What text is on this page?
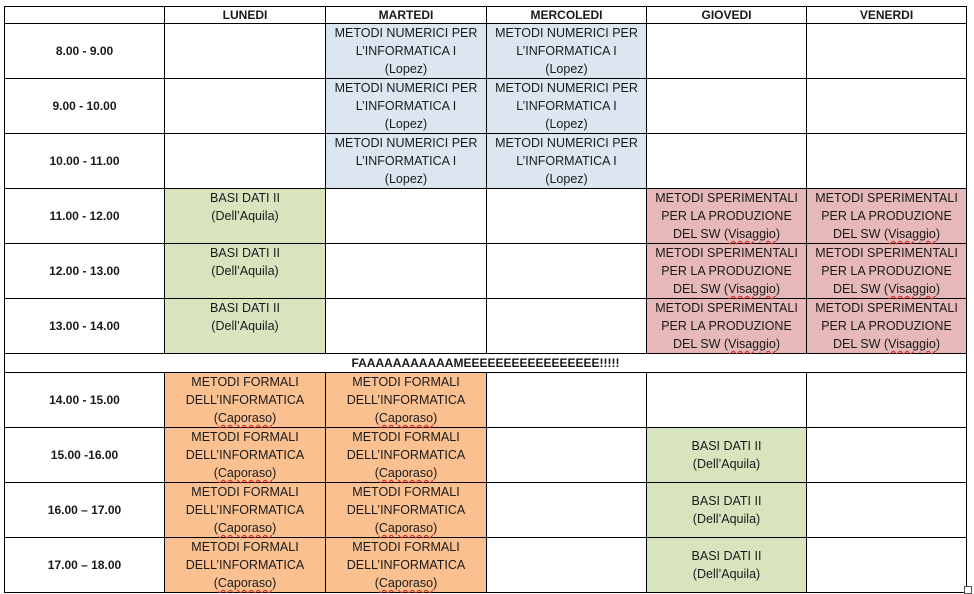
	LUNEDI	MARTEDI	MERCOLEDI	GIOVEDI	VENERDI
8.00 - 9.00		METODI NUMERICI PER
L’INFORMATICA I
(Lopez)	METODI NUMERICI PER
L’INFORMATICA I
(Lopez)		

9.00 - 10.00		METODI NUMERICI PER
L’INFORMATICA I
(Lopez)	METODI NUMERICI PER
L’INFORMATICA I
(Lopez)		

10.00 - 11.00		METODI NUMERICI PER
L’INFORMATICA I
(Lopez)	METODI NUMERICI PER
L’INFORMATICA I
(Lopez)		

11.00 - 12.00	BASI DATI II
(Dell’Aquila)			METODI SPERIMENTALI
PER LA PRODUZIONE
DEL SW (Visaggio)	METODI SPERIMENTALI
PER LA PRODUZIONE
DEL SW (Visaggio)

12.00 - 13.00	BASI DATI II
(Dell’Aquila)			METODI SPERIMENTALI
PER LA PRODUZIONE
DEL SW (Visaggio)	METODI SPERIMENTALI
PER LA PRODUZIONE
DEL SW (Visaggio)

13.00 - 14.00	BASI DATI II
(Dell’Aquila)			METODI SPERIMENTALI
PER LA PRODUZIONE
DEL SW (Visaggio)	METODI SPERIMENTALI
PER LA PRODUZIONE
DEL SW (Visaggio)

FAAAAAAAAAAAMEEEEEEEEEEEEEEEEE!!!!!					
14.00 - 15.00	METODI FORMALI
DELL’INFORMATICA
(Caporaso)	METODI FORMALI
DELL’INFORMATICA
(Caporaso)			

15.00 -16.00	METODI FORMALI
DELL’INFORMATICA
(Caporaso)	METODI FORMALI
DELL’INFORMATICA
(Caporaso)		BASI DATI II
(Dell’Aquila)	

16.00 – 17.00	METODI FORMALI
DELL’INFORMATICA
(Caporaso)	METODI FORMALI
DELL’INFORMATICA
(Caporaso)		BASI DATI II
(Dell’Aquila)	

17.00 – 18.00	METODI FORMALI
DELL’INFORMATICA
(Caporaso)	METODI FORMALI
DELL’INFORMATICA
(Caporaso)		BASI DATI II
(Dell’Aquila)	
